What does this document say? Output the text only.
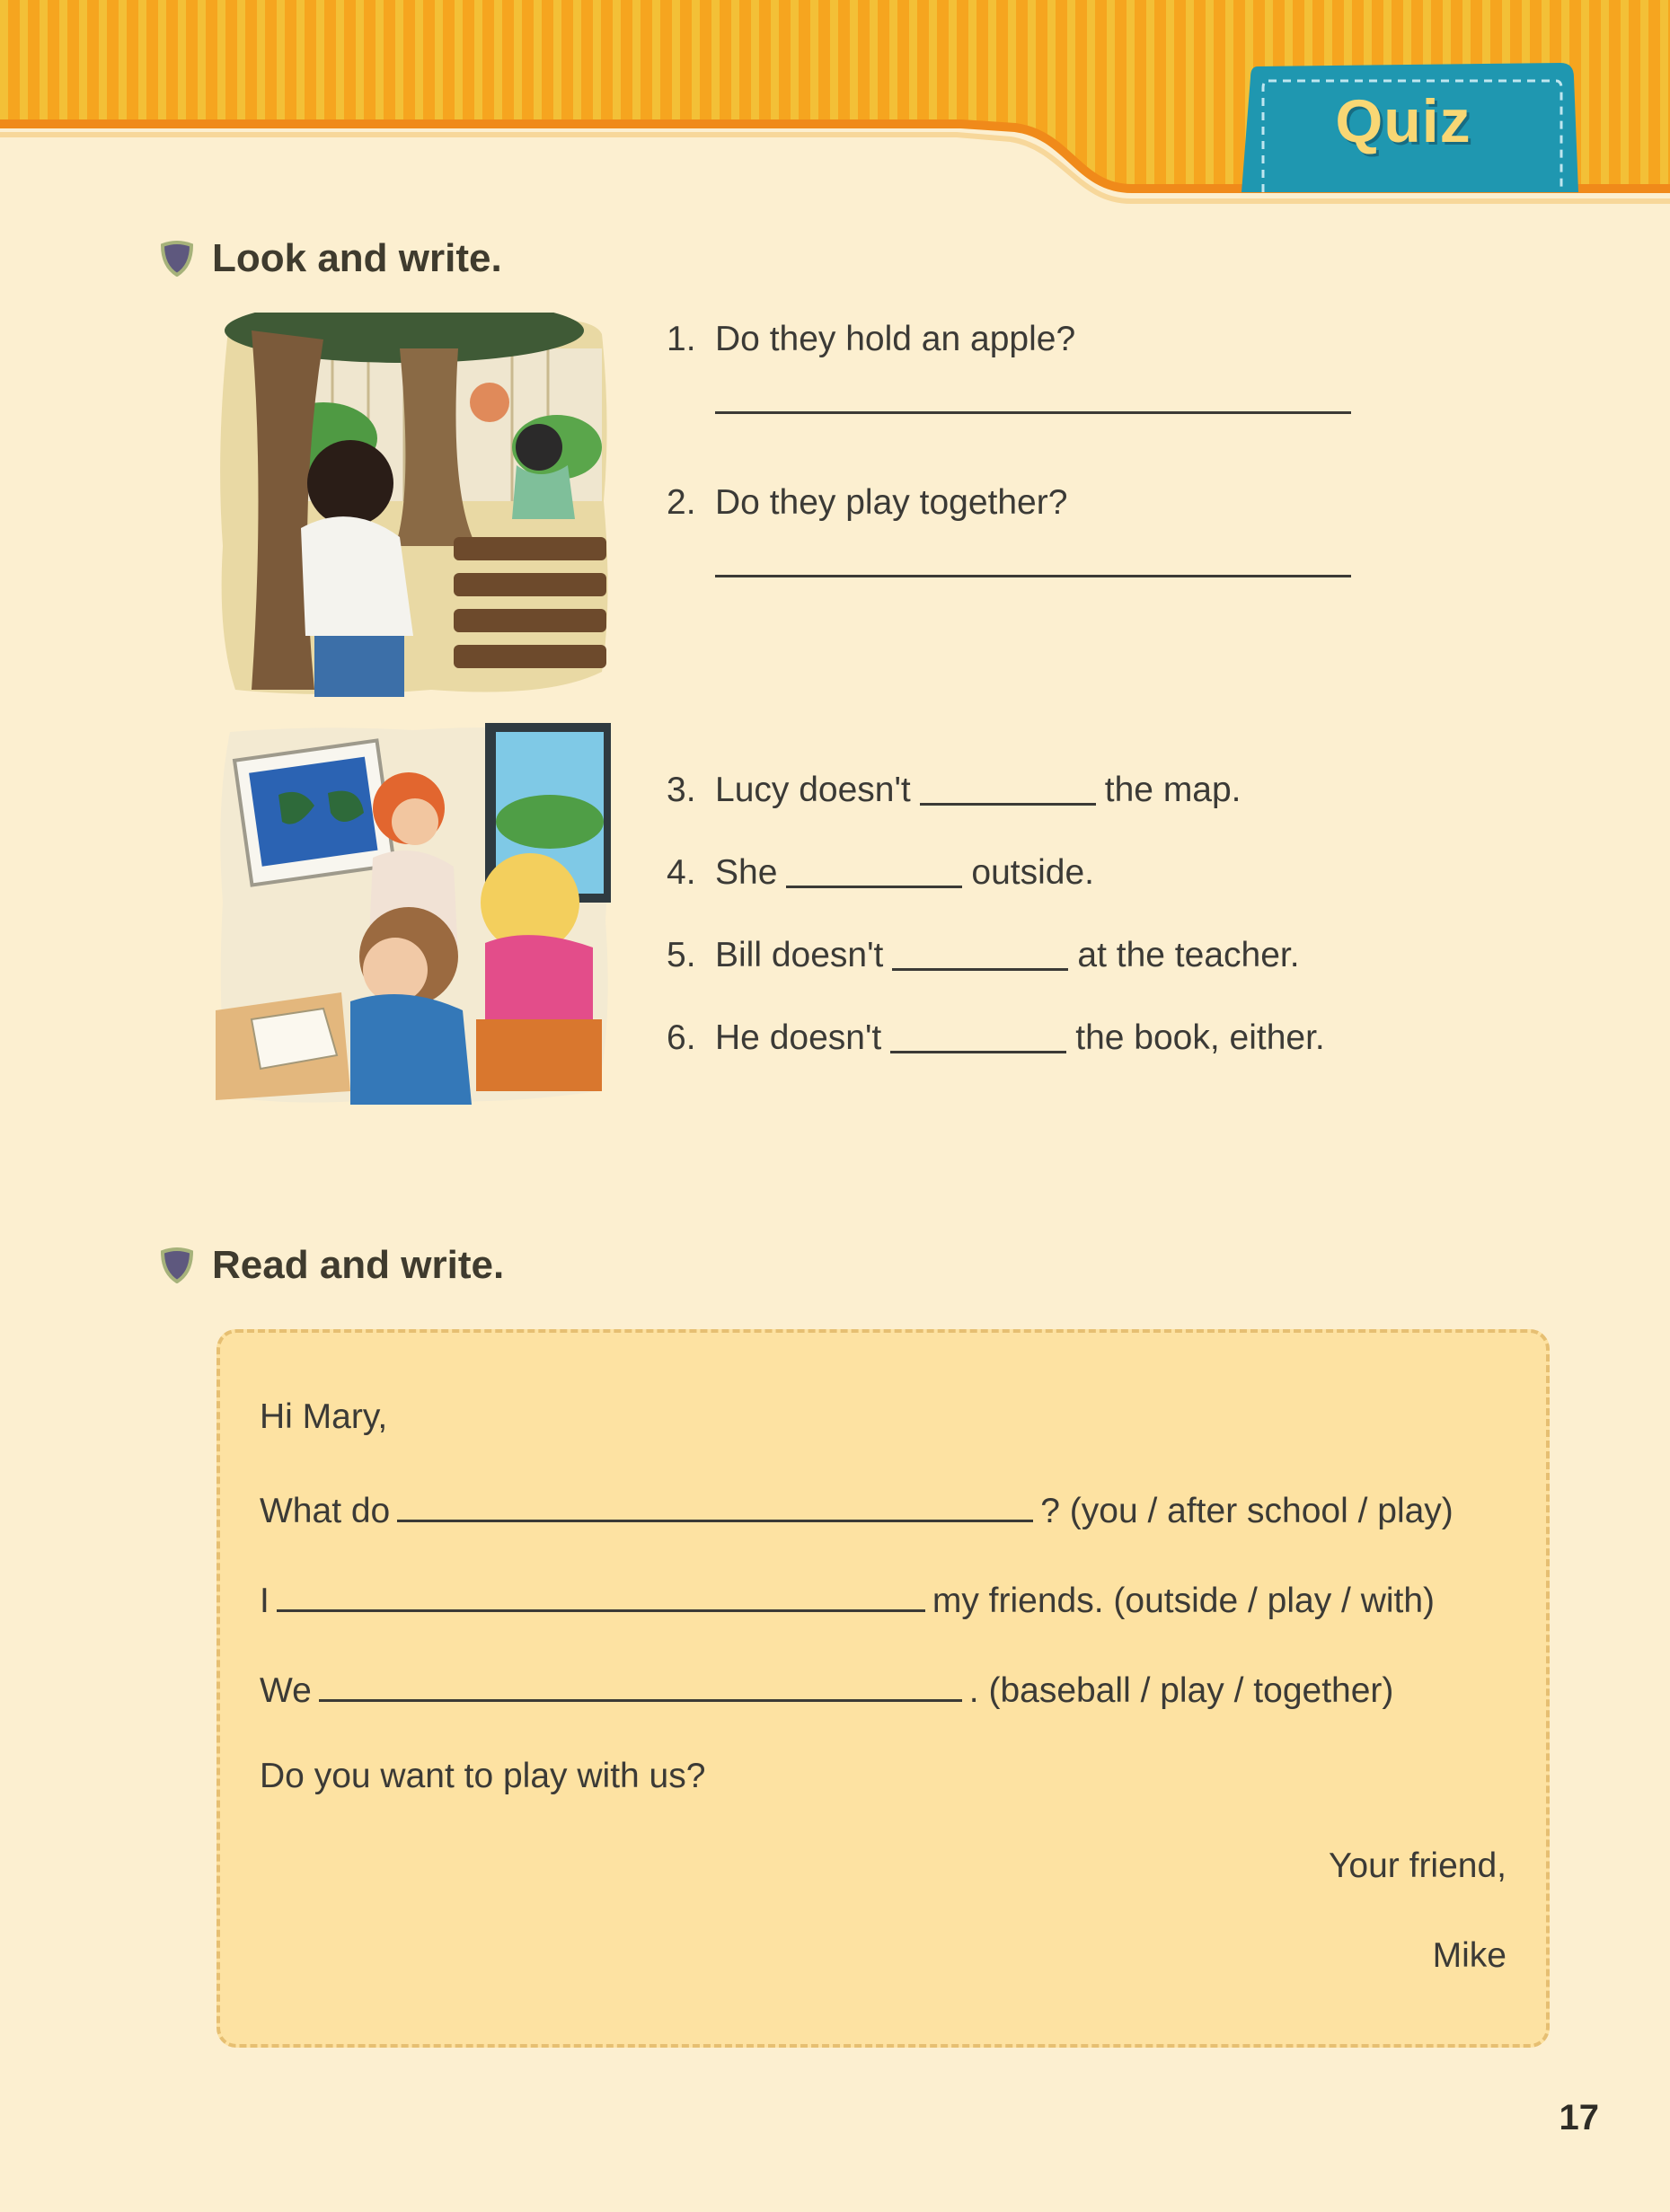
Quiz
Look and write.
1. Do they hold an apple?
2. Do they play together?
3. Lucy doesn't	the map.
4. She	outside.
5. Bill doesn't	at the teacher.
6. He doesn't	the book, either.
Read and write.
Hi Mary,
What do	? (you / after school / play)
I	my friends. (outside / play / with)
We	. (baseball / play / together)
Do you want to play with us?
Your friend,
Mike
17
